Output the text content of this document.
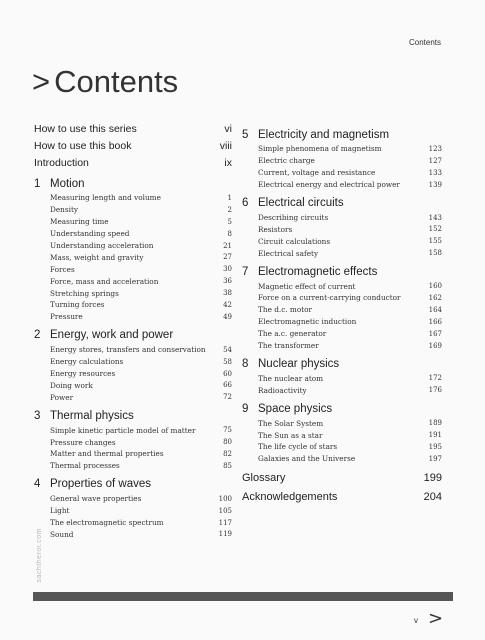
Contents
> Contents
How to use this series	vi
How to use this book	viii
Introduction	ix
1 Motion
Measuring length and volume	1
Density	2
Measuring time	5
Understanding speed	8
Understanding acceleration	21
Mass, weight and gravity	27
Forces	30
Force, mass and acceleration	36
Stretching springs	38
Turning forces	42
Pressure	49
2 Energy, work and power
Energy stores, transfers and conservation	54
Energy calculations	58
Energy resources	60
Doing work	66
Power	72
3 Thermal physics
Simple kinetic particle model of matter	75
Pressure changes	80
Matter and thermal properties	82
Thermal processes	85
4 Properties of waves
General wave properties	100
Light	105
The electromagnetic spectrum	117
Sound	119
5 Electricity and magnetism
Simple phenomena of magnetism	123
Electric charge	127
Current, voltage and resistance	133
Electrical energy and electrical power	139
6 Electrical circuits
Describing circuits	143
Resistors	152
Circuit calculations	155
Electrical safety	158
7 Electromagnetic effects
Magnetic effect of current	160
Force on a current-carrying conductor	162
The d.c. motor	164
Electromagnetic induction	166
The a.c. generator	167
The transformer	169
8 Nuclear physics
The nuclear atom	172
Radioactivity	176
9 Space physics
The Solar System	189
The Sun as a star	191
The life cycle of stars	195
Galaxies and the Universe	197
Glossary	199
Acknowledgements	204
sachtheroi.com
v >
